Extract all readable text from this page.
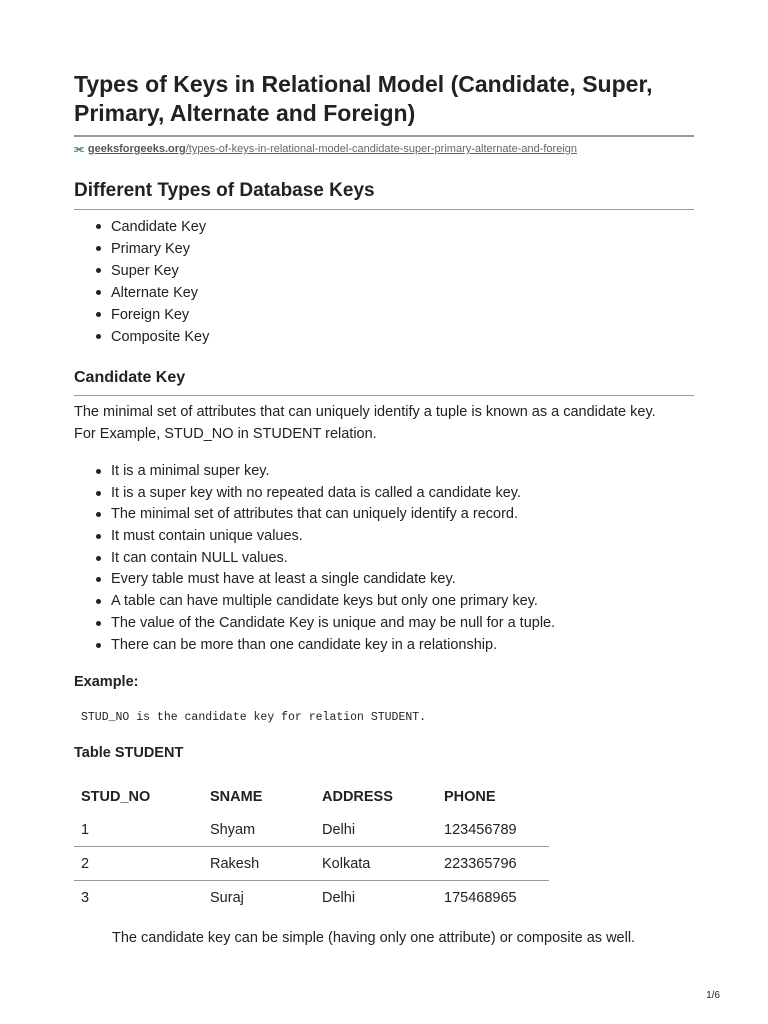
Types of Keys in Relational Model (Candidate, Super, Primary, Alternate and Foreign)
⫘ geeksforgeeks.org/types-of-keys-in-relational-model-candidate-super-primary-alternate-and-foreign
Different Types of Database Keys
Candidate Key
Primary Key
Super Key
Alternate Key
Foreign Key
Composite Key
Candidate Key

The minimal set of attributes that can uniquely identify a tuple is known as a candidate key.
For Example, STUD_NO in STUDENT relation.

It is a minimal super key.
It is a super key with no repeated data is called a candidate key.
The minimal set of attributes that can uniquely identify a record.
It must contain unique values.
It can contain NULL values.
Every table must have at least a single candidate key.
A table can have multiple candidate keys but only one primary key.
The value of the Candidate Key is unique and may be null for a tuple.
There can be more than one candidate key in a relationship.
Example:
STUD_NO is the candidate key for relation STUDENT.
Table STUDENT
STUD_NO	SNAME	ADDRESS	PHONE
1	Shyam	Delhi	123456789
2	Rakesh	Kolkata	223365796
3	Suraj	Delhi	175468965
The candidate key can be simple (having only one attribute) or composite as well.
1/6
